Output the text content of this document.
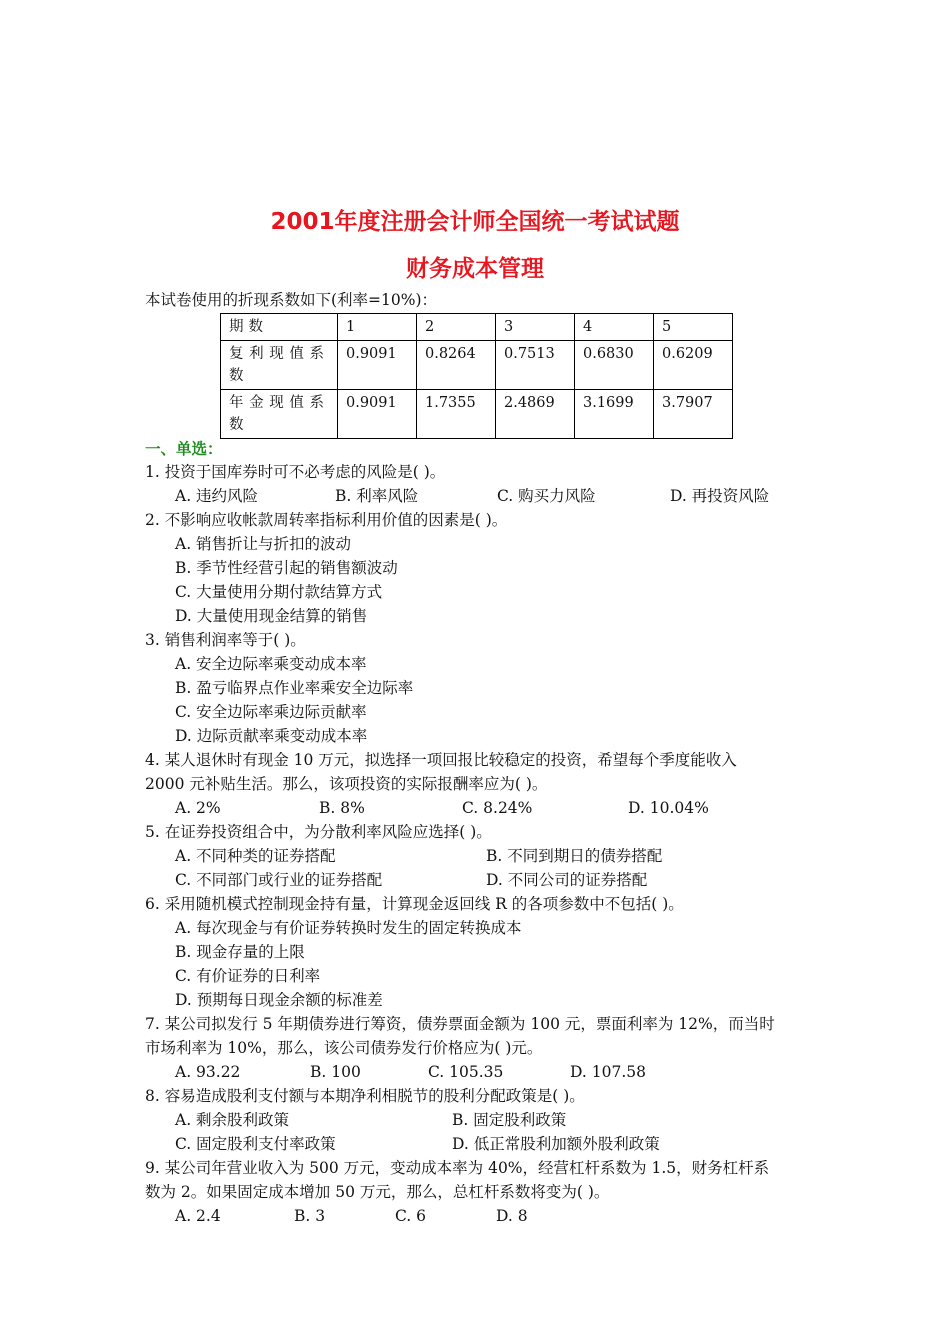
2001年度注册会计师全国统一考试试题
财务成本管理
本试卷使用的折现系数如下(利率=10%)：
期数	1	2	3	4	5
复利现值系数	0.9091	0.8264	0.7513	0.6830	0.6209
年金现值系数	0.9091	1.7355	2.4869	3.1699	3.7907
一、单选：
1. 投资于国库券时可不必考虑的风险是( )。
A. 违约风险	B. 利率风险	C. 购买力风险	D. 再投资风险
2. 不影响应收帐款周转率指标利用价值的因素是( )。
A. 销售折让与折扣的波动
B. 季节性经营引起的销售额波动
C. 大量使用分期付款结算方式
D. 大量使用现金结算的销售
3. 销售利润率等于( )。
A. 安全边际率乘变动成本率
B. 盈亏临界点作业率乘安全边际率
C. 安全边际率乘边际贡献率
D. 边际贡献率乘变动成本率
4. 某人退休时有现金 10 万元，拟选择一项回报比较稳定的投资，希望每个季度能收入
2000 元补贴生活。那么，该项投资的实际报酬率应为( )。
A. 2%	B. 8%	C. 8.24%	D. 10.04%
5. 在证券投资组合中，为分散利率风险应选择( )。
A. 不同种类的证券搭配	B. 不同到期日的债券搭配
C. 不同部门或行业的证券搭配	D. 不同公司的证券搭配
6. 采用随机模式控制现金持有量，计算现金返回线 R 的各项参数中不包括( )。
A. 每次现金与有价证券转换时发生的固定转换成本
B. 现金存量的上限
C. 有价证券的日利率
D. 预期每日现金余额的标准差
7. 某公司拟发行 5 年期债券进行筹资，债券票面金额为 100 元，票面利率为 12%，而当时
市场利率为 10%，那么，该公司债券发行价格应为( )元。
A. 93.22	B. 100	C. 105.35	D. 107.58
8. 容易造成股利支付额与本期净利相脱节的股利分配政策是( )。
A. 剩余股利政策	B. 固定股利政策
C. 固定股利支付率政策	D. 低正常股利加额外股利政策
9. 某公司年营业收入为 500 万元，变动成本率为 40%，经营杠杆系数为 1.5，财务杠杆系
数为 2。如果固定成本增加 50 万元，那么，总杠杆系数将变为( )。
A. 2.4	B. 3	C. 6	D. 8
